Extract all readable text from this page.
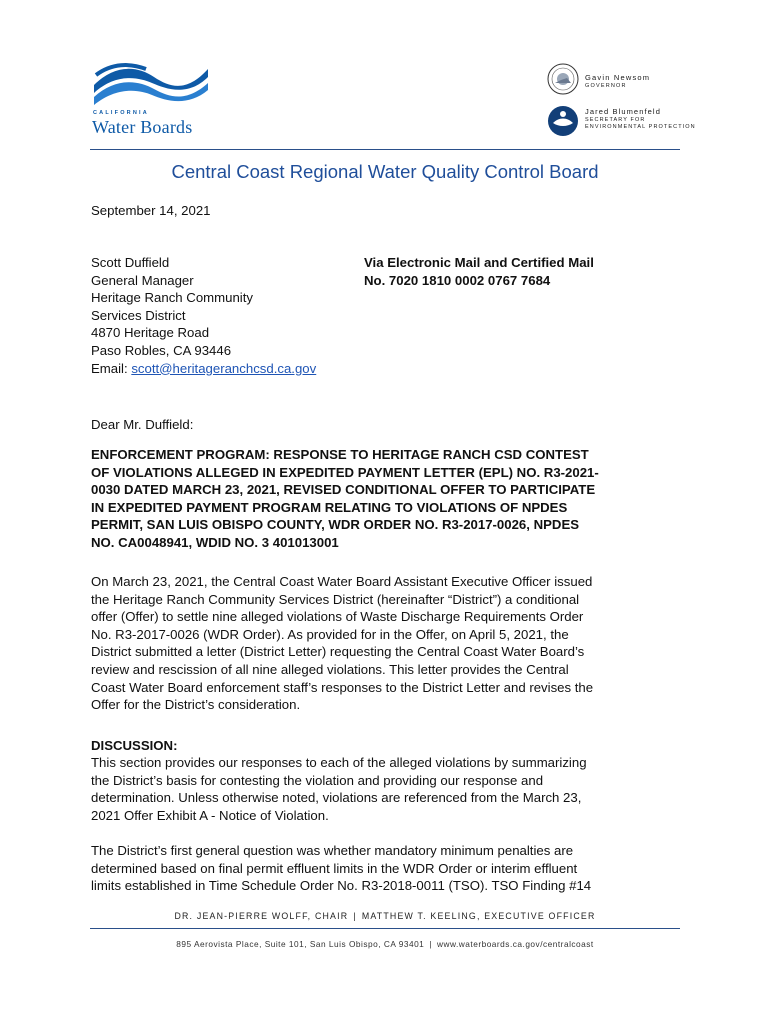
CALIFORNIA
Water Boards
Gavin Newsom
GOVERNOR
Jared Blumenfeld
SECRETARY FOR
ENVIRONMENTAL PROTECTION
Central Coast Regional Water Quality Control Board
September 14, 2021
Scott Duffield
General Manager
Heritage Ranch Community
Services District
4870 Heritage Road
Paso Robles, CA 93446
Email: scott@heritageranchcsd.ca.gov
Via Electronic Mail and Certified Mail
No. 7020 1810 0002 0767 7684
Dear Mr. Duffield:
ENFORCEMENT PROGRAM: RESPONSE TO HERITAGE RANCH CSD CONTEST
OF VIOLATIONS ALLEGED IN EXPEDITED PAYMENT LETTER (EPL) NO. R3-2021-
0030 DATED MARCH 23, 2021, REVISED CONDITIONAL OFFER TO PARTICIPATE
IN EXPEDITED PAYMENT PROGRAM RELATING TO VIOLATIONS OF NPDES
PERMIT, SAN LUIS OBISPO COUNTY, WDR ORDER NO. R3-2017-0026, NPDES
NO. CA0048941, WDID NO. 3 401013001
On March 23, 2021, the Central Coast Water Board Assistant Executive Officer issued
the Heritage Ranch Community Services District (hereinafter “District”) a conditional
offer (Offer) to settle nine alleged violations of Waste Discharge Requirements Order
No. R3-2017-0026 (WDR Order). As provided for in the Offer, on April 5, 2021, the
District submitted a letter (District Letter) requesting the Central Coast Water Board’s
review and rescission of all nine alleged violations. This letter provides the Central
Coast Water Board enforcement staff’s responses to the District Letter and revises the
Offer for the District’s consideration.
DISCUSSION:
This section provides our responses to each of the alleged violations by summarizing
the District’s basis for contesting the violation and providing our response and
determination. Unless otherwise noted, violations are referenced from the March 23,
2021 Offer Exhibit A - Notice of Violation.
The District’s first general question was whether mandatory minimum penalties are
determined based on final permit effluent limits in the WDR Order or interim effluent
limits established in Time Schedule Order No. R3-2018-0011 (TSO). TSO Finding #14
DR. JEAN-PIERRE WOLFF, CHAIR | MATTHEW T. KEELING, EXECUTIVE OFFICER
895 Aerovista Place, Suite 101, San Luis Obispo, CA 93401 | www.waterboards.ca.gov/centralcoast
